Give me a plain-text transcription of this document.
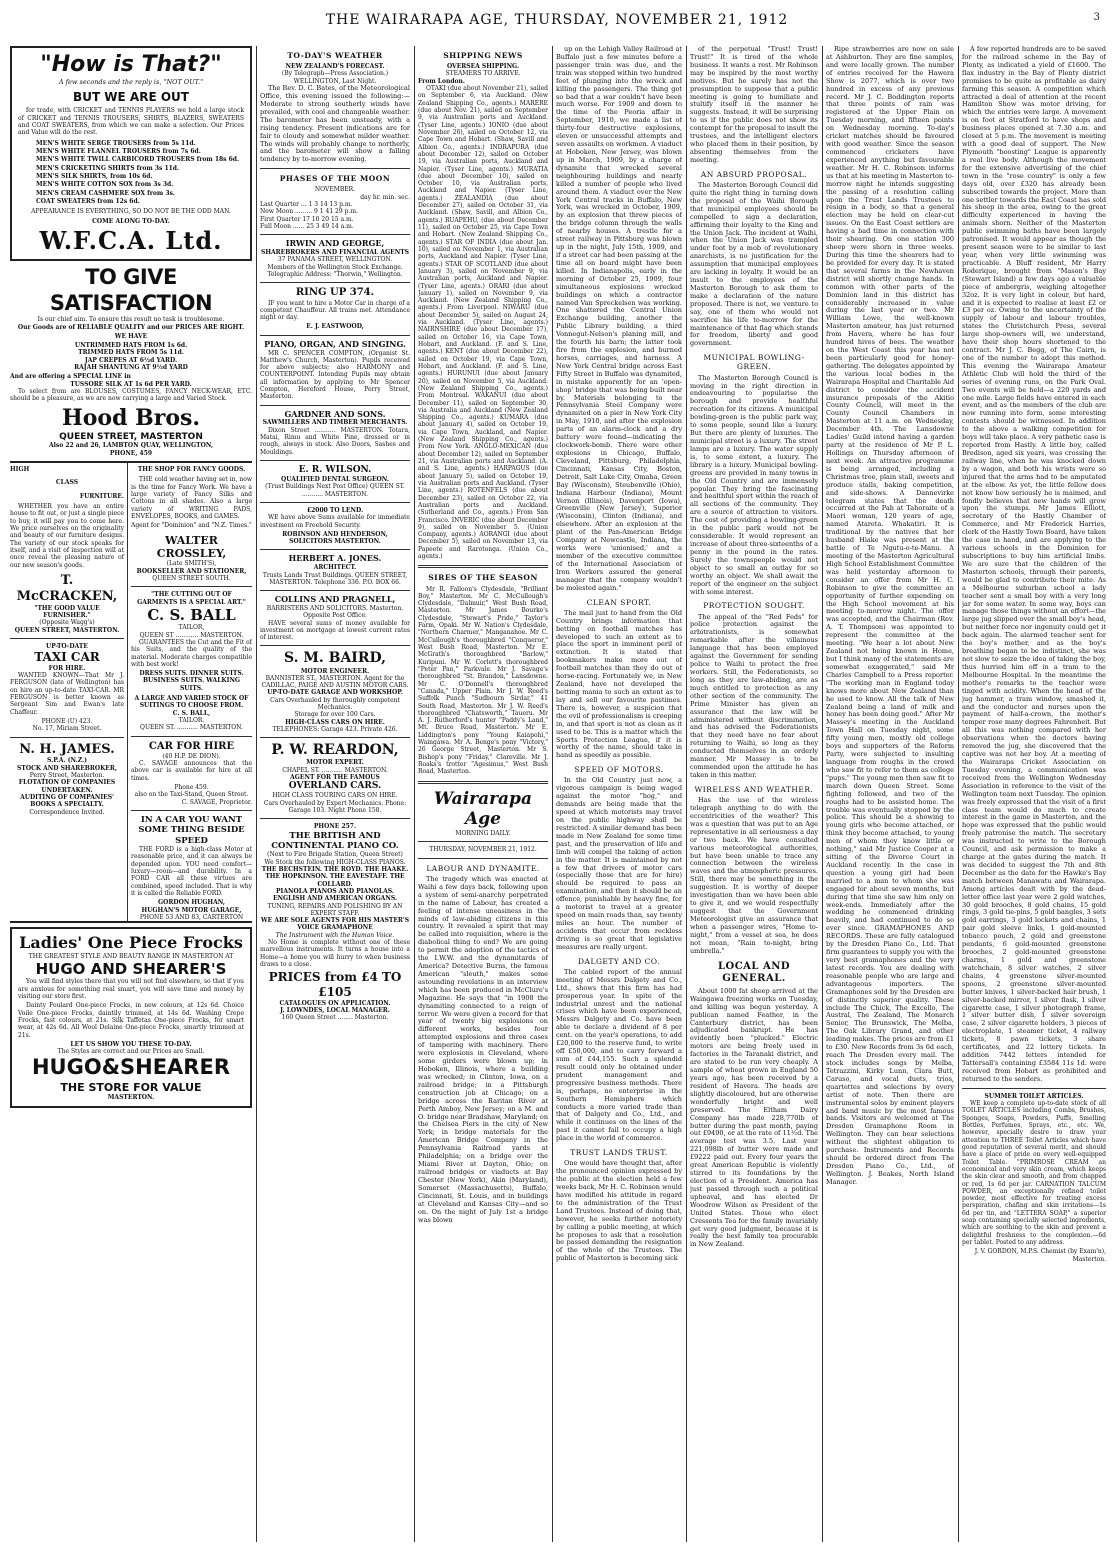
THE WAIRARAPA AGE, THURSDAY, NOVEMBER 21, 1912	3
"How is That?"
A few seconds and the reply is, "NOT OUT."
BUT WE ARE OUT

for trade, with CRICKET and TENNIS PLAYERS we hold a large stock of CRICKET and TENNIS TROUSERS, SHIRTS, BLAZERS, SWEATERS and COAT SWEATERS, from which we can make a selection. Our Prices and Value will do the rest.

MEN'S WHITE SERGE TROUSERS from 5s 11d.
MEN'S WHITE FLANNEL TROUSERS from 7s 6d.
MEN'S WHITE TWILL CARBICORD TROUSERS from 18s 6d.
MEN'S CRICKETING SHIRTS from 3s 11d.
MEN'S SILK SHIRTS, from 10s 6d.
MEN'S WHITE COTTON SOX from 3s 3d.
MEN'S CREAM CASHMERE SOX from 3s.
COAT SWEATERS from 12s 6d.
APPEARANCE IS EVERYTHING, SO DO NOT BE THE ODD MAN.
COME ALONG TO-DAY.
W.F.C.A. Ltd.
TO GIVE SATISFACTION
Is our chief aim. To ensure this result no task is troublesome.
Our Goods are of RELIABLE QUALITY and our PRICES ARE RIGHT.
WE HAVE
UNTRIMMED HATS FROM 1s 6d.
TRIMMED HATS FROM 5s 11d.
JAP CREPES AT 6½d YARD.
RAJAH SHANTUNG AT 9½d YARD
And are offering a SPECIAL LINE in
TUSSORE SILK AT 1s 6d PER YARD.

To select from are BLOUSES, COSTUMES, FANCY NECK-WEAR, ETC. should be a pleasure, as we are now carrying a large and Varied Stock.

Hood Bros.
QUEEN STREET, MASTERTON
Also 22 and 26, LAMBTON QUAY, WELLINGTON,
PHONE, 459
HIGH
CLASS
FURNITURE.

WHETHER you have an entire house to fit out, or just a single piece to buy, it will pay you to come here. We price ourselves on the originality and beauty of our furniture designs. The variety of our stock speaks for itself, and a visit of inspection will at once reveal the pleasing nature of our new season's goods.

T. McCRACKEN,
"THE GOOD VALUE FURNISHER."
(Opposite Wagg's)
QUEEN STREET, MASTERTON.
UP-TO-DATE
TAXI CAR
FOR HIRE.

WANTED KNOWN—That Mr J. FERGUSON (late of Wellington) has on hire an up-to-date TAXI-CAR. MR FERGUSON is better known as Sergeant Sim and Ewan's late Chaffeur.

PHONE (U) 423.
No. 17, Miriam Street.
N. H. JAMES.
S.P.A. (N.Z.)
STOCK AND SHAREBROKER,
Perry Street, Masterton.
FLOTATION OF COMPANIES UNDERTAKEN.
AUDITING OF COMPANIES' BOOKS A SPECIALTY.
Correspondence Invited.
THE SHOP FOR FANCY GOODS.

THE cold weather having set in, now is the time for Fancy Work. We have a large variety of Fancy Silks and Cottons in all shades. Also a large variety of WRITING PADS, ENVELOPES, BOOKS, and GAMES.

Agent for "Dominion" and "N.Z. Times."
WALTER CROSSLEY,
(Late SMITH'S),
BOOKSELLER AND STATIONER,
QUEEN STREET SOUTH.
"THE CUTTING OUT OF GARMENTS IS A SPECIAL ART."
C. S. BALL
TAILOR,
QUEEN ST ............ MASTERTON.

GUARANTEES the Cut and the Fit of his Suits, and the quality of the material. Moderate charges compatible with best work!

DRESS SUITS. DINNER SUITS. BUSINESS SUITS. WALKING SUITS.
A LARGE AND VARIED STOCK OF SUITINGS TO CHOOSE FROM.
C. S. BALL,
TAILOR.
QUEEN ST. ........... MASTERTON.
CAR FOR HIRE
(40 H.P. DE DION).

C. SAVAGE announces that the above car is available for hire at all times.

Phone 459.
also on the Taxi-Stand, Queen Street.
C. SAVAGE, Proprietor.
IN A CAR YOU WANT SOME THING BESIDE SPEED

THE FORD is a high-class Motor at reasonable price, and it can always be depended upon. YOU need comfort—luxury—room—and durability. In a FORD CAR all these virtues are combined, speed included. That is why it is called the Reliable FORD.

GORDON HUGHAN,
HUGHAN'S MOTOR GARAGE,
PHONE 53 AND 83, CARTERTON
Ladies' One Piece Frocks
THE GREATEST STYLE AND BEAUTY RANGE IN MASTERTON AT
HUGO AND SHEARER'S

You will find styles there that you will not find elsewhere, so that if you are anxious for something real smart, you will save time and money by visiting our store first.

Dainty Foulard One-piece Frocks, in new colours, at 12s 6d. Choice Voile One-piece Frocks, daintily trimmed, at 14s 6d. Washing Crepe Frocks, fast colours, at 21s. Silk Taffetas One-piece Frocks, for smart wear, at 42s 6d. All Wool Delaine One-piece Frocks, smartly trimmed at 21s.

LET US SHOW YOU THESE TO-DAY.
The Styles are correct and our Prices are Small.
HUGO&SHEARER
THE STORE FOR VALUE
MASTERTON.
TO-DAY'S WEATHER
NEW ZEALAND'S FORECAST.
(By Telegraph—Press Association.)
WELLINGTON, Last Night.

The Rev. D. C. Bates, of the Meteorological Office, this evening issued the following:— Moderate to strong southerly winds have prevailed, with cool and changeable weather. The barometer has been unsteady, with a rising tendency. Present indications are for fair to cloudy and somewhat milder weather. The winds will probably change to northerly, and the barometer will show a falling tendency by to-morrow evening.

PHASES OF THE MOON
NOVEMBER.
day hr. min. sec.
Last Quarter ... 1 3 14 13 p.m.
New Moon ......... 9 1 41 29 p.m.
First Quarter 17 10 20 15 a.m.
Full Moon ...... 25 3 49 14 a.m.
IRWIN AND GEORGE,
SHAREBROKERS AND FINANCIAL AGENTS
37 PANAMA STREET, WELLINGTON.
Members of the Wellington Stock Exchange.
Telegraphic Address: "Thorwin," Wellington.
RING UP 374.

IF you want to hire a Motor Car in charge of a competent Chauffeur. All trains met. Attendance night or day.

E. J. EASTWOOD,
PIANO, ORGAN, AND SINGING.

MR C. SPENCER COMPTON, (Organist St. Matthew's Church, Masterton). Pupils received for above subjects; also HARMONY and COUNTERPOINT. Intending Pupils may obtain all information by applying to Mr Spencer Compton, Hereford House, Perry Street, Masterton.

GARDNER AND SONS.
SAWMILLERS AND TIMBER MERCHANTS.

Dixon Street ........... MASTERTON. Totara, Matai, Rimu and White Pine, dressed or in rough, always in stock. Also Doors, Sashes and Mouldings.

E. R. WILSON.
QUALIFIED DENTAL SURGEON.
(Trust Buildings Next Post Office) QUEEN ST. ........... MASTERTON.
£2000 TO LEND.

WE have above Sums available for immediate investment on Freehold Security.

ROBINSON AND HENDERSON, SOLICITORS MASTERTON.
HERBERT A. JONES.
ARCHITECT.
Trusts Lands Trust Buildings. QUEEN STREET, MASTERTON. Telephone 336. P.O. BOX 66.
COLLINS AND PRAGNELL,
BARRISTERS AND SOLICITORS. Masterton. Opposite Post Office.

HAVE several sums of money available for investment on mortgage at lowest current rates of interest.

S. M. BAIRD,
MOTOR ENGINEER.
BANNISTER ST., MASTERTON. Agent for the CADILLAC, PAIGE AND AUSTIN MOTOR CARS.
UP-TO-DATE GARAGE AND WORKSHOP.
Cars Overhauled by thoroughly competent Mechanics.
Storage for over 100 Cars.
HIGH-CLASS CARS ON HIRE.
TELEPHONES: Garage 423. Private 426.
P. W. REARDON,
MOTOR EXPERT.
CHAPEL ST. ........... MASTERTON.
AGENT FOR THE FAMOUS
OVERLAND CARS.
HIGH CLASS TOURING CARS ON HIRE.
Cars Overhauled by Expert Mechanics. Phone: Garage 103. Night Phone 158.
PHONE 257.
THE BRITISH AND CONTINENTAL PIANO CO.
(Next to Fire Brigade Station, Queen Street)
We Stock the following HIGH-CLASS PIANOS.
THE BECHSTEIN. THE ROYD. THE HAAKE. THE HOPKINSON. THE EAVESTAFF. THE COLLARD.
PIANOLA PIANOS AND PIANOLAS. ENGLISH AND AMERICAN ORGANS.
TUNING, REPAIRS AND POLISHING BY AN EXPERT STAFF.
WE ARE SOLE AGENTS FOR HIS MASTER'S VOICE GRAMAPHONE
The Instrument with the Human Voice.

No Home is complete without one of these marvellous instruments. It turns a house into a Home—a home you will hurry to when business draws to a close.

PRICES from £4 TO £105
CATALOGUES ON APPLICATION.
J. LOWNDES, LOCAL MANAGER.
160 Queen Street ........ Masterton.
SHIPPING NEWS
OVERSEA SHIPPING.
STEAMERS TO ARRIVE.
From London.

OTAKI (due about November 21), sailed on September 6, via Auckland. (New Zealand Shipping Co., agents.) MARERE (due about Nov. 21), sailed on September 9, via Australian ports and Auckland. (Tyser Line, agents.) IONIO (due about November 26), sailed on October 12, via Cape Town and Hobart. (Shaw, Savill and Albion Co., agents.) INDRAPURA (due about December 12), sailed on October 19, via Australian ports, Auckland and Napier. (Tyser Line, agents.) MURATIA (due about December 10), sailed on October 10, via Australian ports, Auckland and Napier. (Tyser Line, agents.) ZEALANDIA (due about December 27), sailed on October 31, via Auckland. (Shaw, Savill, and Albion Co., agents.) RUAPEHU, (due about December 11), sailed on October 25, via Cape Town and Hobart. (New Zealand Shipping Co., agents.) STAR OF INDIA (due about Jan. 10), sailed on November 1, via Australian ports, Auckland and Napier. (Tyser Line, agents.) STAR OF SCOTLAND (due about January 3), sailed on November 9, via Australian ports, Auckland and Napier. (Tyser Line, agents.) ORARI (due about January 1), sailed on November 9, via Auckland. (New Zealand Shipping Co., agents.) From Liverpool. NIWARU (due about December 5), sailed on August 24, via Auckland. (Tyser Line, agents.) NAIRNSHIRE (due about December 17), sailed on October 16, via Cape Town, Hobart, and Auckland. (F. and S. Line, agents.) KENT (due about December 22), sailed on October 19, via Cape Town, Hobart, and Auckland. (F. and S. Line, agents.) HURUNUI (due about January 20), sailed on November 5, via Auckland. (New Zealand Shipping Co., agents.) From Montreal. WAKANUI (due about December 11), sailed on September 30, via Australia and Auckland (New Zealand Shipping Co., agents.) KUMARA (due about January 4), sailed on October 19, via Cape Town, Auckland, and Napier. (New Zealand Shipping Co., agents.) From New York. ANGLO-MEXICAN (due about December 12), sailed on September 21, via Australian ports and Auckland. (A. and S. Line, agents.) HARPAGUS (due about January 5), sailed on October 19, via Australian ports and Auckland. (Tyser Line, agents.) ROTENFELS (due about December 23), sailed on October 22, via Australian ports and Auckland. (Sutherland and Co., agents.) From San Francisco. INVERIC (due about December 9), sailed on November 5. (Union Company, agents.) AORANGI (due about December 5), sailed on November 13, via Papeete and Rarotonga. (Union Co., agents.)

SIRES OF THE SEASON

Mr R. Falloon's Clydesdale, "Brilliant Boy," Masterton. Mr C. McCullough's Clydesdale, "Dalmuir," West Bush Road, Masterton. Mr James Bourke's Clydesdale, "Stewart's Pride," Taylor's Farm, Opaki. Mr W. Nation's Clydesdale, "Northern Charmer," Manganahoe. Mr C. McCullough's thoroughbred "Conqueror," West Bush Road, Masterton. Mr E. McGrath's thoroughbred "Barlow," Kuripuni. Mr W. Corlett's thoroughbred "Peter Pan," Parkvale. Mr J. Savage's thoroughbred "St. Brandon," Lansdowne. Mr C. O'Donnell's thoroughbred "Canada," Upper Plain. Mr J. W. Reed's Suffolk Punch "Sudbourn Sirdar," 41 South Road, Masterton. Mr J. W. Reed's thoroughbred "Chatsworth," Taueru. Mr A. J. Rutherford's hunter "Paddy's Land," Mt. Bruce Road, Masterton. Mr E. Liddington's pony "Young Kaiapohi," Waingawa. Mr A. Benge's pony "Victory," 26 George Street, Masterton. Mr S. Bishop's pony "Friday," Clareville. Mr J. Roaks's trotter "Agesimus," West Bush Road, Masterton.

Wairarapa Age
MORNING DAILY.
THURSDAY, NOVEMBER 21, 1912.
LABOUR AND DYNAMITE.

The tragedy which was enacted at Waihi a few days back, following upon a system of semi-anarchy perpetrated in the name of Labour, has created a feeling of intense uneasiness in the minds of law-abiding citizens in this country. It revealed a spirit that may be called into requisition, where is the diabolical thing to end? We are going to permit the adoption of the tactics of the I.W.W. and the dynamitards of America? Detective Burns, the famous American "sleuth," makes some astounding revelations in an interview which has been produced in McClure's Magazine. He says that "in 1908 the dynamiting connected to a reign of terror. We were given a record for that year of twenty big explosions on different works, besides four attempted explosions and three cases of tampering with machinery. There were explosions in Cleveland, where some girders were blown up; in Hoboken, Illinois, where a building was wrecked; in Clinton, Iowa, on a railroad bridge; in a Pittsburgh construction job at Chicago; on a bridge across the Raritan River at Perth Amboy, New Jersey; on a M. and O. bridge near Bradshaw, Maryland; on the Chelsea Piers in the city of New York; in bridge materials for the American Bridge Company in the Pennsylvania Railroad yards at Philadelphia; on a bridge over the Miami River at Dayton, Ohio; on railroad bridges or viaducts at Bay Chester (New York), Akin (Maryland), Somerset (Massachusetts), Buffalo, Cincinnati, St. Louis, and in buildings at Cleveland and Kansas City—and so on. On the night of July 1st a bridge was blown

up on the Lehigh Valley Railroad at Buffalo just a few minutes before a passenger train was due, and the train was stopped within two hundred feet of plunging into the wreck and killing the passengers. The thing got so bad that a war couldn't have been much worse. For 1909 and down to the time of the Peoria affair in September, 1910, we made a list of thirty-four destructive explosions, eleven or unsuccessful attempts and seven assaults on workmen. A viaduct at Hoboken, New Jersey, was blown up in March, 1909, by a charge of dynamite that wrecked several neighbouring buildings and nearly killed a number of people who lived around them. A viaduct over the New York Central tracks in Buffalo, New York, was wrecked in October, 1909, by an explosion that threw pieces of the bridge column through the walls of nearby houses. A trestle for a street railway in Pittsburg was blown up in the night, July 15th, 1909, and if a street car had been passing at the time all on board might have been killed. In Indianapolis, early in the morning of October 25, 1909, four simultaneous explosions wrecked buildings on which a contractor named Van Spreckelsen was working. One shattered the Central Union Exchange building, another the Public Library building, a third Vonnegut-Nelson's planing mill, and the fourth his barn; the latter took fire from the explosion, and burned horses, carriages, and harness. A New York Central bridge across East Fifty Street in Buffalo was dynamited, in mistake apparently for an 'open-shop' bridge that was being built near by. Materials belonging to the Pennsylvania Steel Company were dynamited on a pier in New York City in May, 1910, and after the explosion parts of an alarm-clock and a dry battery were found—indicating the clockwork-bomb. There were other explosions in Chicago, Buffalo, Cleveland, Pittsburg, Philadelphia, Cincinnati, Kansas City, Boston, Detroit, Salt Lake City, Omaha, Green Bay (Wisconsin), Steubenville (Ohio), Indiana Harbour (Indiana), Mount Vernon (Illinois), Davenport (Iowa), Greenville (New Jersey), Superior (Wisconsin), Clinton (Indiana), and elsewhere. After an explosion at the plant of the Pan-American Bridge Company at Newcastle, Indiana, the works were 'unionised,' and a member of the executive committee of the International Association of Iron Workers assured the general manager that the company wouldn't be molested again."

CLEAN SPORT.

The mail just to hand from the Old Country brings information that betting on football matches has developed to such an extent as to place the sport in imminent peril of extinction. It is stated that bookmakers make more out of football matches than they do out of horse-racing. Fortunately we, in New Zealand, have not developed the betting mania to such an extent as to lay and sell our favourite pastimes. There is, however, a suspicion that the evil of professionalism is creeping in, and that sport is not as clean as it used to be. This is a matter which the Sports Protection League, if it is worthy of the name, should take in hand as speedily as possible.

SPEED OF MOTORS.

In the Old Country just now, a vigorous campaign is being waged against the motor "hog," and demands are being made that the speed at which motorists may travel on the public highway shall be restricted. A similar demand has been made in New Zealand for some time past, and the preservation of life and limb will compel the taking of action in the matter. It is maintained by not a few that drivers of motor cars (especially those that are for hire) should be required to pass an examination, and then it should be an offence, punishable by heavy fine, for a motorist to travel at a greater speed on main roads than, say twenty miles an hour. The number of accidents that occur from reckless driving is so great that legislative measures are really urgent.

DALGETY AND CO.

The cabled report of the annual meeting of Messrs Dalgety and Co., Ltd., shows that this firm has had prosperous year. In spite of the industrial unrest and the national crises which have been experienced, Messrs Dalgety and Co. have been able to declare a dividend of 8 per cent. on the year's operations, to add £20,000 to the reserve fund, to write off £50,000, and to carry forward a sum of £44,155. Such a splendid result could only be obtained under prudent management and progressive business methods. There is, perhaps, no enterprise in the Southern Hemisphere which conducts a more varied trade than that of Dalgety and Co., Ltd., and while it continues on the lines of the past it cannot fail to occupy a high place in the world of commerce.

TRUST LANDS TRUST.

One would have thought that, after the pronounced opinion expressed by the public at the election held a few weeks back, Mr H. C. Robinson would have modified his attitude in regard to the administration of the Trust Land Trustees. Instead of doing that, however, he seeks further notoriety by calling a public meeting, at which he proposes to ask that a resolution be passed demanding the resignation of the whole of the Trustees. The public of Masterton is becoming sick

of the perpetual "Trust! Trust! Trust!" It is tired of the whole business. It wants a rest. Mr Robinson may be inspired by the most worthy motives. But he surely has not the presumption to suppose that a public meeting is going to humiliate and stultify itself in the manner he suggests. Instead, it will be surprising to us if the public does not show its contempt for the proposal to insult the trustees, and the intelligent electors who placed them in their position, by absenting themselves from the meeting.

AN ABSURD PROPOSAL.

The Masterton Borough Council did quite the right thing in turning down the proposal of the Waihi Borough that municipal employees should be compelled to sign a declaration, affirming their loyalty to the King and the Union Jack. The incident at Waihi, when the Union Jack was trampled under foot by a mob of revolutionary anarchists, is no justification for the assumption that municipal employees are lacking in loyalty. It would be an insult to the employees of the Masterton Borough to ask them to make a declaration of the nature proposed. There is not, we venture to say, one of them who would not sacrifice his life to-morrow for the maintenance of that flag which stands for freedom, liberty and good government.

MUNICIPAL BOWLING-GREEN.

The Masterton Borough Council is moving in the right direction in endeavouring to popularise the borough and provide healthful recreation for its citizens. A municipal bowling-green is the public park way, to some people, sound like a luxury. But there are plenty of luxuries. The municipal street is a luxury. The street lamps are a luxury. The water supply is, to some extent, a luxury. The library is a luxury. Municipal bowling-greens are provided in many towns in the Old Country and are immensely popular. They bring the fascinating and healthful sport within the reach of all sections of the community. They are a source of attraction to visitors. The cost of providing a bowling-green in the public park would not be considerable. It would represent an increase of about three-sixteenths of a penny in the pound in the rates. Surely the townspeople would not object to so small an outlay for so worthy an object. We shall await the report of the engineer on the subject with some interest.

PROTECTION SOUGHT.

The appeal of the "Red Feds" for police protection against the arbitrationists, is somewhat remarkable after the villainous language that has been employed against the Government for sending police to Waihi to protect the free workers. Still, the Federationists, so long as they are law-abiding, are as much entitled to protection as any other section of the community. The Prime Minister has given an assurance that the law will be administered without discrimination, and has advised the Federationists that they need have no fear about returning to Waihi, so long as they conducted themselves in an orderly manner. Mr Massey is to be commended upon the attitude he has taken in this matter.

WIRELESS AND WEATHER.

Has the use of the wireless telegraph anything to do with the eccentricities of the weather? This was a question that was put to an Age representative in all seriousness a day or two back. We have consulted various meteorological authorities, but have been unable to trace any connection between the wireless waves and the atmospheric pressures. Still, there may be something in the suggestion. It is worthy of deeper investigation than we have been able to give it, and we would respectfully suggest that the Government Meteorologist give an assurance that when a passenger wires, "Home to-night," from a vessel at sea, he does not mean, "Rain to-night, bring umbrella."

LOCAL AND GENERAL.

About 1000 fat sheep arrived at the Waingawa freezing works on Tuesday, and killing was begun yesterday. A publican named Feather, in the Canterbury district, has been adjudicated bankrupt. He has evidently been "plucked." Electric motors are being freely used in factories in the Taranaki district, and are stated to be run very cheaply. A sample of wheat grown in England 50 years ago, has been received by a resident of Havera. The heads are slightly discoloured, but are otherwise wonderfully bright and well preserved. The Eltham Dairy Company has made 228,770lb of butter during the past month, paying out £9490, or at the rate of 11½d. The average test was 3.5. Last year 221,098lb of butter were made and £9222 paid out. Every four years the great American Republic is violently stirred to its foundations by the election of a President. America has just passed through such a political upheaval, and has elected Dr Woodrow Wilson as President of the United States. Those who elect Cressents Tea for the family invariably get very good judgment, because it is really the best family tea procurable in New Zealand.

Ripe strawberries are now on sale at Ashburton. They are fine samples, and were locally grown. The number of entries received for the Hawera Show is 2077, which is over two hundred in excess of any previous record. Mr J. C. Boddington reports that three points of rain was registered at the Upper Plain on Tuesday morning, and fifteen points on Wednesday morning. To-day's cricket matches should be favoured with good weather. Since the season commenced cricketers have experienced anything but favourable weather. Mr H. C. Robinson informs us that at his meeting in Masterton to-morrow night he intends suggesting the passing of a resolution calling upon the Trust Lands Trustees to resign in a body, so that a general election may be held on clear-cut issues. On the East Coast settlers are having a bad time in connection with their shearing. On one station 300 sheep were shorn in three weeks. During this time the shearers had to be provided for every day. It is stated that several farms in the Newhaven district will shortly change hands. In common with other parts of the Dominion land in this district has considerably increased in value during the last year or two. Mr William Lowe, the well-known Masterton amateur, has just returned from Havera, where he has four hundred hives of bees. The weather on the West Coast this year has not been particularly good for honey-gathering. The delegates appointed by the various local bodies in the Wairarapa Hospital and Charitable Aid district to consider the accident insurance proposals of the Akitio County Council, will meet in the County Council Chambers in Masterton at 11 a.m. on Wednesday, December 4th. The Lansdowne Ladies' Guild intend having a garden party at the residence of Mr P. L. Hollings on Thursday afternoon of next week. An attractive programme is being arranged, including a Christmas tree, plain stall, sweets and produce stalls, baking competition, and side-shows. A Dannevirke telegram states that the death occurred at the Pah at Tahoraite of a Maori woman, 120 years of age, named Atareta. Whakatiri. It is traditional by the natives that her husband Hiake was present at the battle of Te Ngutu-o-te-Manu. A meeting of the Masterton Agricultural High School Establishment Committee was held yesterday afternoon to consider an offer from Mr H. C. Robinson to give the committee an opportunity of further expending on the High School movement at his meeting to-morrow night. The offer was accepted, and the Chairman (Rev. A. T. Thompson) was appointed to represent the committee at the meeting. "We hear a lot about New Zealand not being known in Home, but I think many of the statements are somewhat exaggerated," said Mr Charles Campbell to a Press reporter. "The working man in England today knows more about New Zealand than he used to know. All the talk of New Zealand being a land of milk and honey has been doing good." After Mr Massey's meeting in the Auckland Town Hall on Tuesday night, some fifty young men, mostly old college boys and supporters of the Reform Party, were subjected to insulting language from roughs in the crowd who saw fit to refer to them as college "pups." The young men then saw fit to march down Queen Street. Some fighting followed, and two of the roughs had to be assisted home. The trouble was eventually stopped by the police. This should be a showing to young girls who become attached, or think they become attached, to young men of whom they know little or nothing," said Mr Justice Cooper at a sitting of the Divorce Court in Auckland recently. In the case in question a young girl had been married to a man to whom she was engaged for about seven months, but during that time she saw him only on week-ends. Immediately after the wedding he commenced drinking heavily, and had continued to do so ever since. GRAMAPHONES AND RECORDS. These are fully catalogued by the Dresden Piano Co., Ltd. That firm guarantees to supply you with the very best gramaphones and the very latest records. You are dealing with reasonable people who are large and advantageous importers. The Gramaphones sold by the Dresden are of distinctly superior quality. These include The Chick, The Excello, The Austral, The Zealand, The Monarch Senior, The Brunswick, The Melba, The Oak Library Grand, and other leading makes. The prices are from £1 to £30. New Records from 3s 6d each, reach The Dresden every mail. The stock includes songs by Melba, Tetrazzini, Kirky Lunn, Clara Butt, Caruso, and vocal duets, trios, quartettes and selections by every artist of note. Then there are instrumental solos by eminent players and band music by the most famous bands. Visitors are welcomed at The Dresden Gramaphone Room in Wellington. They can hear selections without the slightest obligation to purchase. Instruments and Records should be ordered direct from The Dresden Piano Co., Ltd., of Wellington. J. Beakes, North Island Manager.

A few reported hundreds are to be saved for the railroad scheme in the Bay of Plenty, as indicated a yield of £1600. The flax industry in the Bay of Plenty district promises to be quite as profitable as dairy farming this season. A competition which attracted a deal of attention at the recent Hamilton Show was motor driving, for which the entries were large. A movement is on foot at Stratford to have shops and business places opened at 7.30 a.m. and closed at 5 p.m. The movement is meeting with a good deal of support. The New Plymouth "boosting" League is apparently a real live body. Although the movement for the extensive advertising of the chief town in the "rose country" is only a few days old, over £320 has already been subscribed towards the project. More than one settler towards the East Coast has sold his sheep in the area, owing to the great difficulty experienced in having the animals shorn. Neither of the Masterton public swimming baths have been largely patronised. It would appear as though the present season were to be similar to last year, when very little swimming was practicable. A Bluff resident, Mr Harry Roderique, brought from "Mason's Bay (Stewart Island) a few days ago a valuable piece of ambergris, weighing altogether 32oz. It is very light in colour, but hard, and it is expected to realise at least £2 or £3 per oz. Owing to the uncertainty of the supply of labour and labour troubles, states the Christchurch Press, several large shop-owners will, we understand, have their shop hours shortened to the contract. Mr J. C. Begg, of The Cairn, is one of the number to adopt this method. This evening the Wairarapa Amateur Athletic Club will hold the third of the series of evening runs, on the Park Oval. Two events will be held—a 220 yards and one mile. Large fields have entered in each event, and as the members of the club are now running into form, some interesting contests should be witnessed. In addition to the above a walking competition for boys will take place. A very pathetic case is reported from Hastly. A little boy, called Bredison, aged six years, was crossing the railway line, when he was knocked down by a wagon, and both his wrists were so injured that the arms had to be amputated at the elbow. As yet, the little fellow does not know how seriously he is maimed, and fondly believes that new hands will grow upon the stumps. Mr James Elliott, secretary of the Hastly Chamber of Commerce, and Mr Frederick Harries, clerk of the Hastly Town Board, have taken the case in hand, and are applying to the various schools in the Dominion for subscriptions to buy him artificial limbs. We are sure that the children of the Masterton schools, through their parents, would be glad to contribute their mite. As a Melbourne suburban school a lady teacher sent a small boy with a very long jar for some water. In some way, boys can manage those things without an effort—the large jug slipped over the small boy's head, but neither force nor ingenuity could get it back again. The alarmed teacher sent for the boy's mother, and as the boy's breathing began to be indistinct, she was not slow to seize the idea of taking the boy, thus hurried him off in a tram to the Melbourne Hospital. In the meantime the mother's remarks to the teacher were tinged with acidity. When the head of the jug hammer, a tram window, smashed it, and the conductor and nurses upon the payment of half-a-crown, the mother's temper rose many degrees Fahrenheit. But all this was nothing compared with her observations when the doctors having removed the jug, she discovered that the captive was not her boy. At a meeting of the Wairarapa Cricket Association on Tuesday evening, a communication was received from the Wellington Wednesday Association in reference to the visit of the Wellington team next Tuesday. The opinion was freely expressed that the visit of a first class team would do much to create interest in the game in Masterton, and the hope was expressed that the public would freely patronise the match. The secretary was instructed to write to the Borough Council, and ask permission to make a charge at the gates during the match. It was decided to suggest the 7th and 8th December as the date for the Hawke's Bay match between Manawatu and Wairarapa. Among articles dealt with by the dead-letter office last year were 2 gold watches, 30 gold brooches, 8 gold chains, 15 gold rings, 3 gold tie-pins, 5 gold bangles, 3 sets gold earrings, 3 gold lockets and chains, 1 pair gold sleeve links, 1 gold-mounted tobacco pouch, 2 gold and greenstone pendants, 6 gold-mounted greenstone brooches, 2 gold-mounted greenstone charms, 1 gold and greenstone watchchain, 8 silver watches, 2 silver chains, 4 greenstone silver-mounted spoons, 2 greenstone silver-mounted butter knives, 1 silver-backed hair brush, 1 silver-backed mirror, 1 silver flask, 1 silver cigarette case, 1 silver photograph frame, 1 silver butter dish, 1 silver sovereign case, 2 silver cigarette holders, 3 pieces of electroplate, 1 steamer ticket, 4 railway tickets, 8 pawn tickets, 3 share certificates, and 22 lottery tickets. In addition 7442 letters intended for Tattersall's containing £3584 11s 1d. were received from Hobart as prohibited and returned to the senders.

SUMMER TOILET ARTICLES.

WE keep a complete up-to-date stock of all TOILET ARTICLES including Combs, Brushes, Sponges, Soaps, Powders, Puffs, Smelling Bottles, Perfumes, Sprays, etc., etc. We, however, specially desire to draw your attention to THREE Toilet Articles which have good reputation of several merit, and should have a place of pride on every well-equipped Toilet Table. "PRIMROSE CREAM an economical and very skin cream, which keeps the skin clear and smooth, and from chapped or red, 1s 6d per jar. CARNATION TALCUM POWDER, an exceptionally refined toilet powder, most effective for treating excess perspiration, chafing and skin irritations—1s 6d per tin, and "LETTERA SOAP," a superior soap containing specially selected ingredients, which are soothing to the skin and prevent a delightful freshness to the complexion.—6d per tablet. Posted to any address.

J. V. GORDON, M.P.S. Chemist (by Exam'n), Masterton.
